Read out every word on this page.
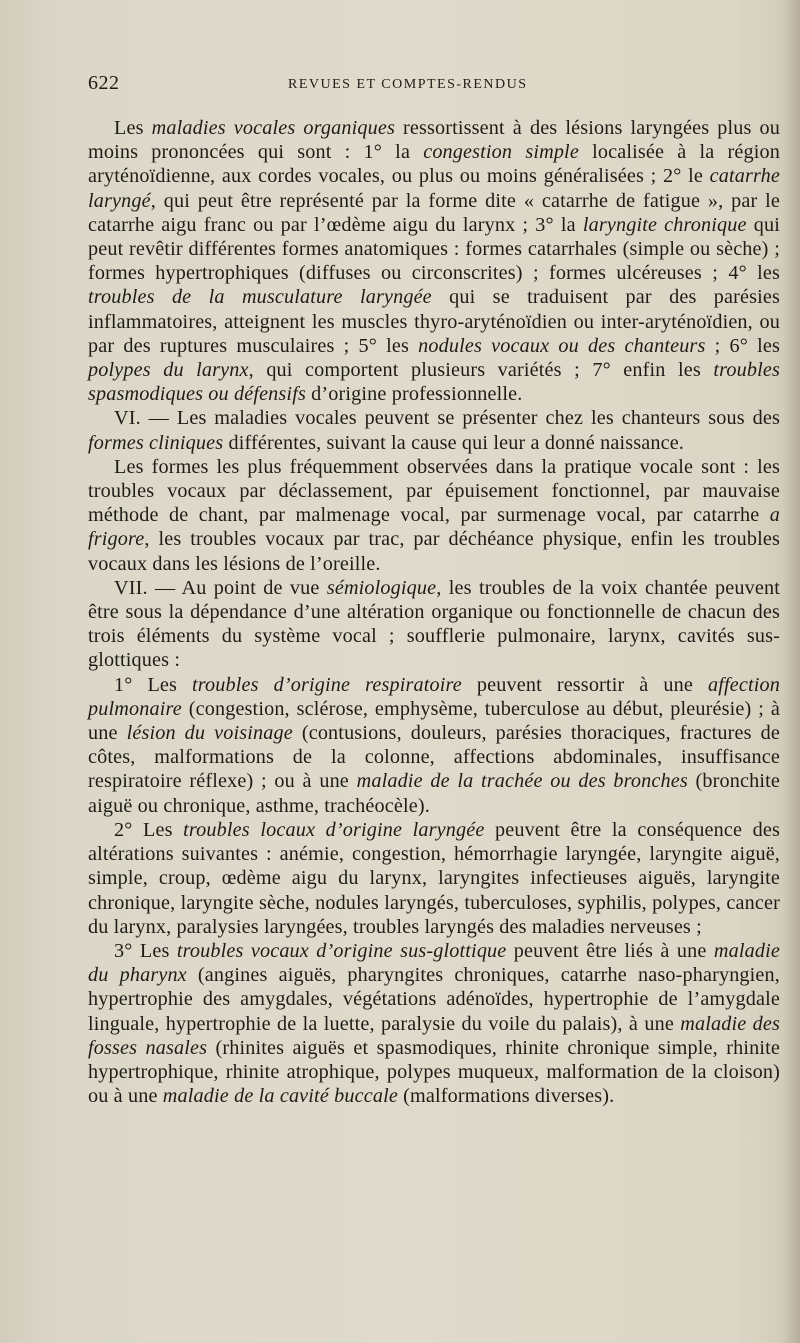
622	REVUES ET COMPTES-RENDUS

Les maladies vocales organiques ressortissent à des lésions laryngées plus ou moins prononcées qui sont : 1° la congestion simple localisée à la région aryténoïdienne, aux cordes vocales, ou plus ou moins généralisées ; 2° le catarrhe laryngé, qui peut être représenté par la forme dite « catarrhe de fatigue », par le catarrhe aigu franc ou par l’œdème aigu du larynx ; 3° la laryngite chronique qui peut revêtir différentes formes anatomiques : formes catarrhales (simple ou sèche) ; formes hypertrophiques (diffuses ou circonscrites) ; formes ulcéreuses ; 4° les troubles de la musculature laryngée qui se traduisent par des parésies inflammatoires, atteignent les muscles thyro-aryténoïdien ou inter-aryténoïdien, ou par des ruptures musculaires ; 5° les nodules vocaux ou des chanteurs ; 6° les polypes du larynx, qui comportent plusieurs variétés ; 7° enfin les troubles spasmodiques ou défensifs d’origine professionnelle.

VI. — Les maladies vocales peuvent se présenter chez les chanteurs sous des formes cliniques différentes, suivant la cause qui leur a donné naissance.

Les formes les plus fréquemment observées dans la pratique vocale sont : les troubles vocaux par déclassement, par épuisement fonctionnel, par mauvaise méthode de chant, par malmenage vocal, par surmenage vocal, par catarrhe a frigore, les troubles vocaux par trac, par déchéance physique, enfin les troubles vocaux dans les lésions de l’oreille.

VII. — Au point de vue sémiologique, les troubles de la voix chantée peuvent être sous la dépendance d’une altération organique ou fonctionnelle de chacun des trois éléments du système vocal ; soufflerie pulmonaire, larynx, cavités sus-glottiques :

1° Les troubles d’origine respiratoire peuvent ressortir à une affection pulmonaire (congestion, sclérose, emphysème, tuberculose au début, pleurésie) ; à une lésion du voisinage (contusions, douleurs, parésies thoraciques, fractures de côtes, malformations de la colonne, affections abdominales, insuffisance respiratoire réflexe) ; ou à une maladie de la trachée ou des bronches (bronchite aiguë ou chronique, asthme, trachéocèle).

2° Les troubles locaux d’origine laryngée peuvent être la conséquence des altérations suivantes : anémie, congestion, hémorrhagie laryngée, laryngite aiguë, simple, croup, œdème aigu du larynx, laryngites infectieuses aiguës, laryngite chronique, laryngite sèche, nodules laryngés, tuberculoses, syphilis, polypes, cancer du larynx, paralysies laryngées, troubles laryngés des maladies nerveuses ;

3° Les troubles vocaux d’origine sus-glottique peuvent être liés à une maladie du pharynx (angines aiguës, pharyngites chroniques, catarrhe naso-pharyngien, hypertrophie des amygdales, végétations adénoïdes, hypertrophie de l’amygdale linguale, hypertrophie de la luette, paralysie du voile du palais), à une maladie des fosses nasales (rhinites aiguës et spasmodiques, rhinite chronique simple, rhinite hypertrophique, rhinite atrophique, polypes muqueux, malformation de la cloison) ou à une maladie de la cavité buccale (malformations diverses).
